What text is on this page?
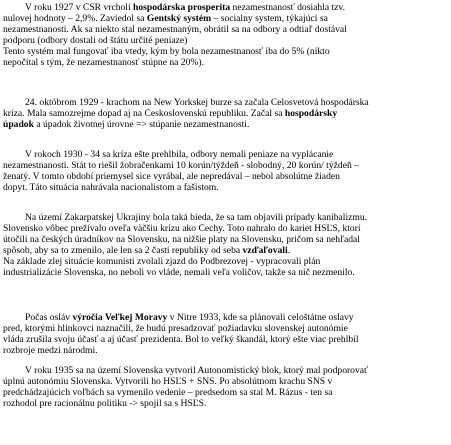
V roku 1927 v ČSR vrcholí hospodárska prosperita nezamestnanosť dosiahla tzv.
nulovej hodnoty – 2,9%. Zaviedol sa Gentský systém – socialny system, týkajúci sa
nezamestnanosti. Ak sa niekto stal nezamestnaným, obrátil sa na odbory a odtiaľ dostával
podporu (odbory dostali od štátu určité peniaze)
Tento systém mal fungovať iba vtedy, kým by bola nezamestnanosť iba do 5% (nikto
nepočítal s tým, že nezamestnanosť stúpne na 20%).

24. októbrom 1929 - krachom na New Yorkskej burze sa začala Celosvetová hospodárska
kríza. Mala samozrejme dopad aj na Československú republiku. Začal sa hospodársky
úpadok a úpadok životnej úrovne => stúpanie nezamestnanosti.

V rokoch 1930 - 34 sa kríza ešte prehĺbila, odbory nemali peniaze na vyplácanie
nezamestnanosti. Štát to riešil žobračenkami 10 korún/týždeň - slobodný, 20 korún/ týždeň –
ženatý. V tomto období priemysel sice vyrábal, ale nepredával – nebol absolútne žiaden
dopyt. Táto situácia nahrávala nacionalistom a fašistom.

Na území Zakarpatskej Ukrajiny bola taká bieda, že sa tam objavili prípady kanibalizmu.
Slovensko vôbec prežívalo oveľa väčšiu krízu ako Čechy. Toto nahralo do kariet HSĽS, ktorí
útočili na českých úradníkov na Slovensku, na nižšie platy na Slovensku, pričom sa nehľadal
spôsob, aby sa to zmenilo, ale len sa 2 časti republiky od seba vzďaľovali.
Na základe zlej situácie komunisti zvolali zjazd do Podbrezovej - vypracovali plán
industrializácie Slovenska, no neboli vo vláde, nemali veľa voličov, takže sa nič nezmenilo.

Počas osláv výročia Veľkej Moravy v Nitre 1933, kde sa plánovali celoštátne oslavy
pred, ktorými hlinkovci naznačili, že budú presadzovať požiadavku slovenskej autonómie
vláda zrušila svoju účasť a aj účasť prezidenta. Bol to veľký škandál, ktorý ešte viac prehĺbil
rozbroje medzi národmi.

V roku 1935 sa na území Slovenska vytvoril Autonomistický blok, ktorý mal podporovať
úplnú autonómiu Slovenska. Vytvorili ho HSĽS + SNS. Po absolútnom krachu SNS v
predchádzajúcich voľbách sa vymenilo vedenie – predsedom sa stal M. Rázus - ten sa
rozhodol pre racionálnu politiku -> spojil sa s HSĽS.
